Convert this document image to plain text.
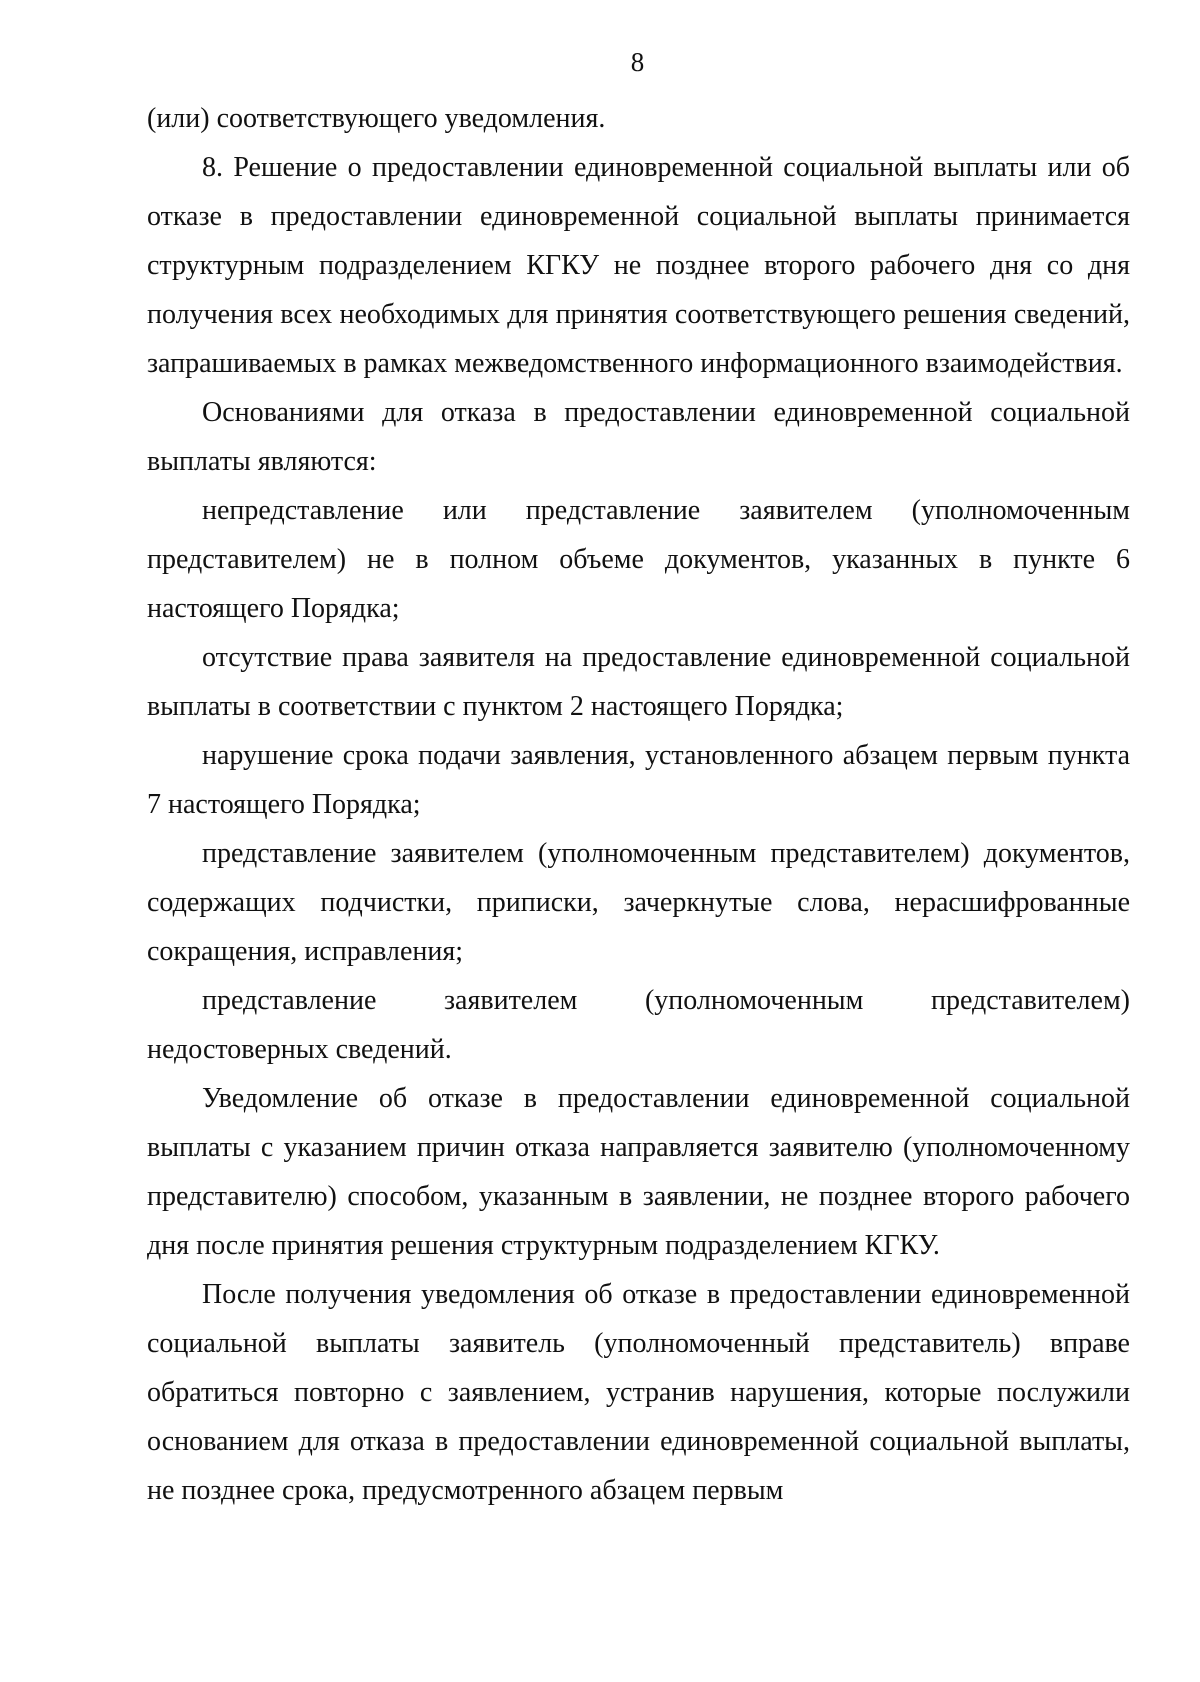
8

(или) соответствующего уведомления.

8. Решение о предоставлении единовременной социальной выплаты или об отказе в предоставлении единовременной социальной выплаты принимается структурным подразделением КГКУ не позднее второго рабочего дня со дня получения всех необходимых для принятия соответствующего решения сведений, запрашиваемых в рамках межведомственного информационного взаимодействия.

Основаниями для отказа в предоставлении единовременной социальной выплаты являются:

непредставление или представление заявителем (уполномоченным представителем) не в полном объеме документов, указанных в пункте 6 настоящего Порядка;

отсутствие права заявителя на предоставление единовременной социальной выплаты в соответствии с пунктом 2 настоящего Порядка;

нарушение срока подачи заявления, установленного абзацем первым пункта 7 настоящего Порядка;

представление заявителем (уполномоченным представителем) документов, содержащих подчистки, приписки, зачеркнутые слова, нерасшифрованные сокращения, исправления;

представление заявителем (уполномоченным представителем) недостоверных сведений.

Уведомление об отказе в предоставлении единовременной социальной выплаты с указанием причин отказа направляется заявителю (уполномоченному представителю) способом, указанным в заявлении, не позднее второго рабочего дня после принятия решения структурным подразделением КГКУ.

После получения уведомления об отказе в предоставлении единовременной социальной выплаты заявитель (уполномоченный представитель) вправе обратиться повторно с заявлением, устранив нарушения, которые послужили основанием для отказа в предоставлении единовременной социальной выплаты, не позднее срока, предусмотренного абзацем первым
